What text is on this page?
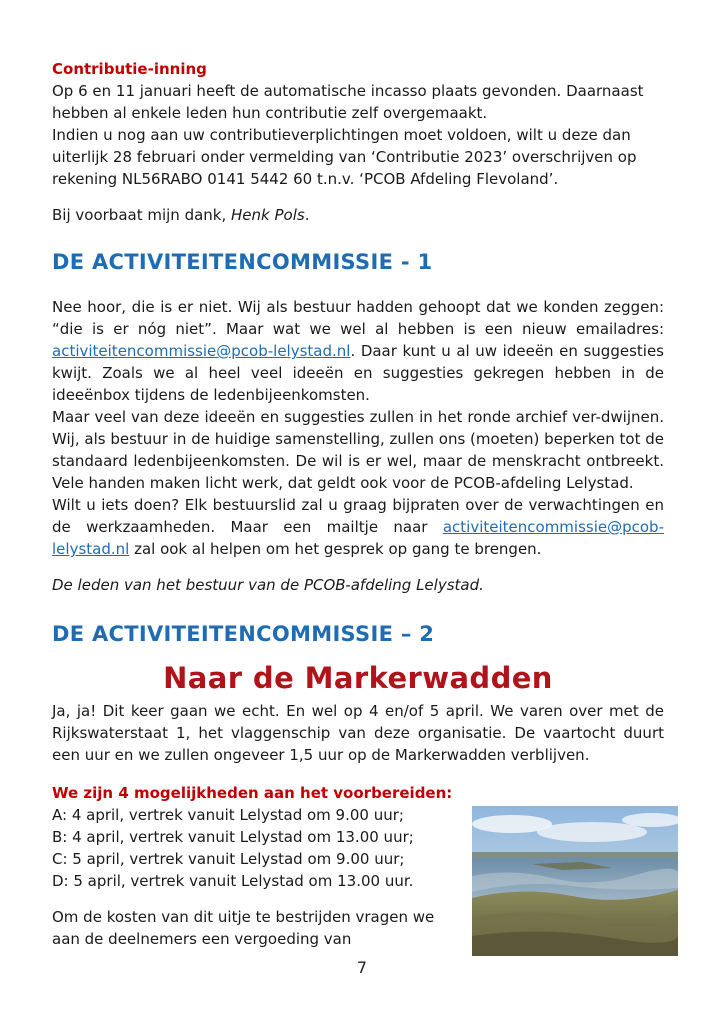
Contributie-inning

Op 6 en 11 januari heeft de automatische incasso plaats gevonden. Daarnaast hebben al enkele leden hun contributie zelf overgemaakt.

Indien u nog aan uw contributieverplichtingen moet voldoen, wilt u deze dan uiterlijk 28 februari onder vermelding van ‘Contributie 2023’ overschrijven op rekening NL56RABO 0141 5442 60 t.n.v. ‘PCOB Afdeling Flevoland’.

Bij voorbaat mijn dank, Henk Pols.

DE ACTIVITEITENCOMMISSIE - 1

Nee hoor, die is er niet. Wij als bestuur hadden gehoopt dat we konden zeggen: “die is er nóg niet”. Maar wat we wel al hebben is een nieuw emailadres: activiteitencommissie@pcob-lelystad.nl. Daar kunt u al uw ideeën en suggesties kwijt. Zoals we al heel veel ideeën en suggesties gekregen hebben in de ideeënbox tijdens de ledenbijeenkomsten.

Maar veel van deze ideeën en suggesties zullen in het ronde archief ver-dwijnen. Wij, als bestuur in de huidige samenstelling, zullen ons (moeten) beperken tot de standaard ledenbijeenkomsten. De wil is er wel, maar de menskracht ontbreekt. Vele handen maken licht werk, dat geldt ook voor de PCOB-afdeling Lelystad.

Wilt u iets doen? Elk bestuurslid zal u graag bijpraten over de verwachtingen en de werkzaamheden. Maar een mailtje naar activiteitencommissie@pcob-lelystad.nl zal ook al helpen om het gesprek op gang te brengen.

De leden van het bestuur van de PCOB-afdeling Lelystad.

DE ACTIVITEITENCOMMISSIE – 2
Naar de Markerwadden

Ja, ja! Dit keer gaan we echt. En wel op 4 en/of 5 april. We varen over met de Rijkswaterstaat 1, het vlaggenschip van deze organisatie. De vaartocht duurt een uur en we zullen ongeveer 1,5 uur op de Markerwadden verblijven.

We zijn 4 mogelijkheden aan het voorbereiden:

A: 4 april, vertrek vanuit Lelystad om 9.00 uur;

B: 4 april, vertrek vanuit Lelystad om 13.00 uur;

C: 5 april, vertrek vanuit Lelystad om 9.00 uur;

D: 5 april, vertrek vanuit Lelystad om 13.00 uur.

Om de kosten van dit uitje te bestrijden vragen we aan de deelnemers een vergoeding van

7
